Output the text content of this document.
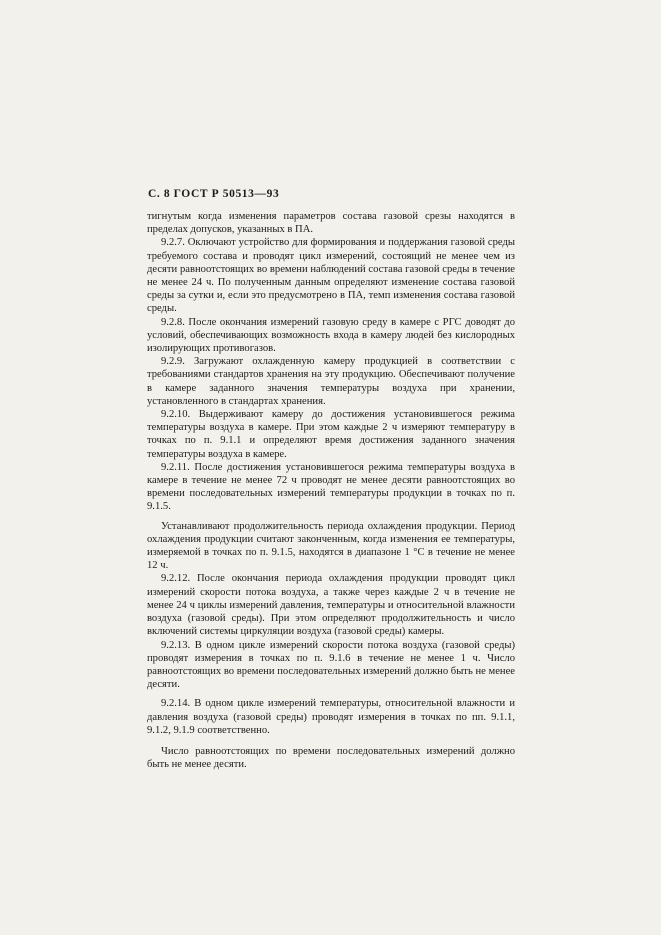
С. 8 ГОСТ Р 50513—93

тигнутым когда изменения параметров состава газовой срезы находятся в пределах допусков, указанных в ПА.

9.2.7. Оключают устройство для формирования и поддержания газовой среды требуемого состава и проводят цикл измерений, состоящий не менее чем из десяти равноотстоящих во времени наблюдений состава газовой среды в течение не менее 24 ч. По полученным данным определяют изменение состава газовой среды за сутки и, если это предусмотрено в ПА, темп изменения состава газовой среды.

9.2.8. После окончания измерений газовую среду в камере с РГС доводят до условий, обеспечивающих возможность входа в камеру людей без кислородных изолирующих противогазов.

9.2.9. Загружают охлажденную камеру продукцией в соответствии с требованиями стандартов хранения на эту продукцию. Обеспечивают получение в камере заданного значения температуры воздуха при хранении, установленного в стандартах хранения.

9.2.10. Выдерживают камеру до достижения установившегося режима температуры воздуха в камере. При этом каждые 2 ч измеряют температуру в точках по п. 9.1.1 и определяют время достижения заданного значения температуры воздуха в камере.

9.2.11. После достижения установившегося режима температуры воздуха в камере в течение не менее 72 ч проводят не менее десяти равноотстоящих во времени последовательных измерений температуры продукции в точках по п. 9.1.5.

Устанавливают продолжительность периода охлаждения продукции. Период охлаждения продукции считают законченным, когда изменения ее температуры, измеряемой в точках по п. 9.1.5, находятся в диапазоне 1 °С в течение не менее 12 ч.

9.2.12. После окончания периода охлаждения продукции проводят цикл измерений скорости потока воздуха, а также через каждые 2 ч в течение не менее 24 ч циклы измерений давления, температуры и относительной влажности воздуха (газовой среды). При этом определяют продолжительность и число включений системы циркуляции воздуха (газовой среды) камеры.

9.2.13. В одном цикле измерений скорости потока воздуха (газовой среды) проводят измерения в точках по п. 9.1.6 в течение не менее 1 ч. Число равноотстоящих во времени последовательных измерений должно быть не менее десяти.

9.2.14. В одном цикле измерений температуры, относительной влажности и давления воздуха (газовой среды) проводят измерения в точках по пп. 9.1.1, 9.1.2, 9.1.9 соответственно.

Число равноотстоящих по времени последовательных измерений должно быть не менее десяти.
